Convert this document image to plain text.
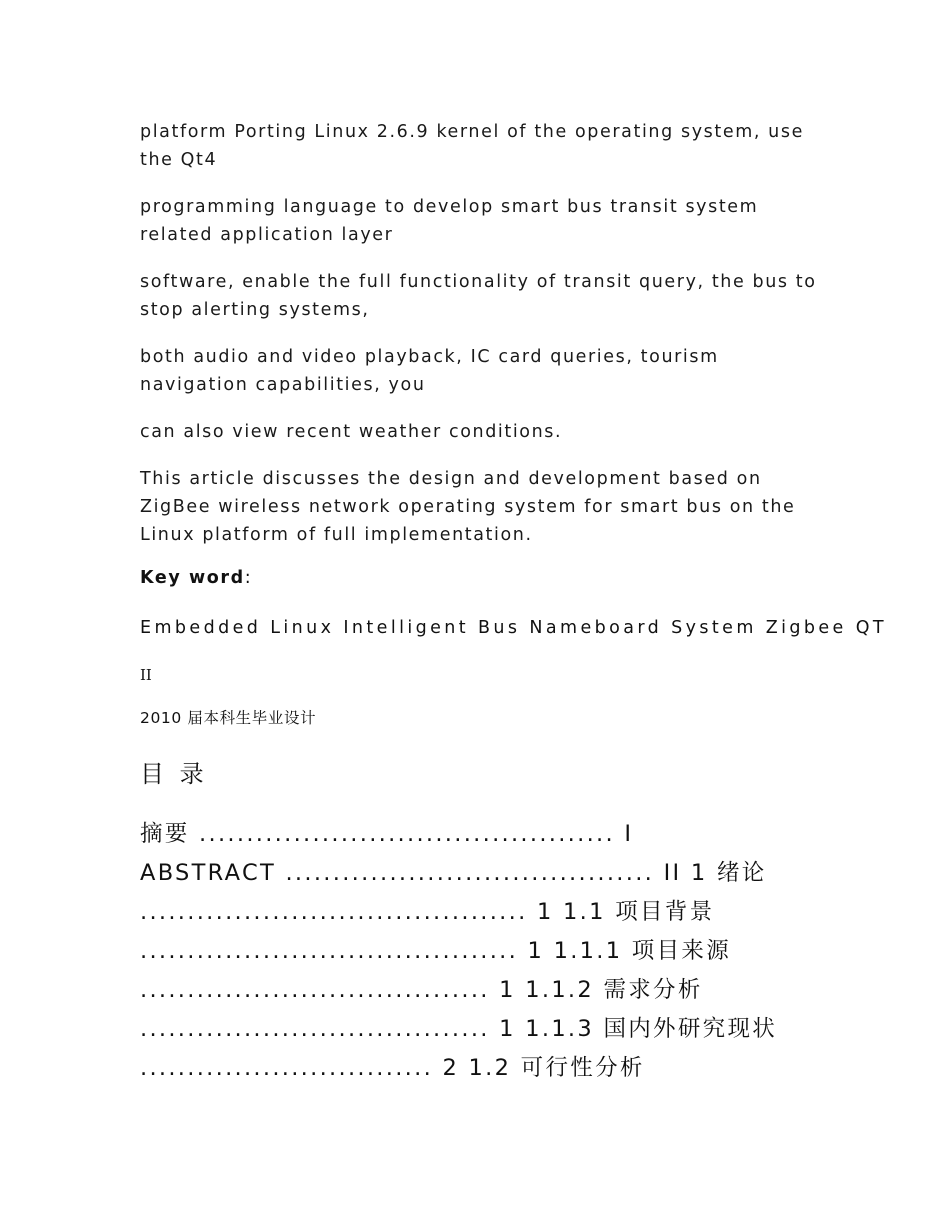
platform Porting Linux 2.6.9 kernel of the operating system, use the Qt4

programming language to develop smart bus transit system related application layer

software, enable the full functionality of transit query, the bus to stop alerting systems,

both audio and video playback, IC card queries, tourism navigation capabilities, you

can also view recent weather conditions.

This article discusses the design and development based on ZigBee wireless network operating system for smart bus on the Linux platform of full implementation.

Key word:

Embedded Linux Intelligent Bus Nameboard System Zigbee QT

II

2010 届本科生毕业设计

目 录

摘要 ............................................ I

ABSTRACT ....................................... II 1 绪论

......................................... 1 1.1 项目背景

........................................ 1 1.1.1 项目来源

..................................... 1 1.1.2 需求分析

..................................... 1 1.1.3 国内外研究现状

............................... 2 1.2 可行性分析
